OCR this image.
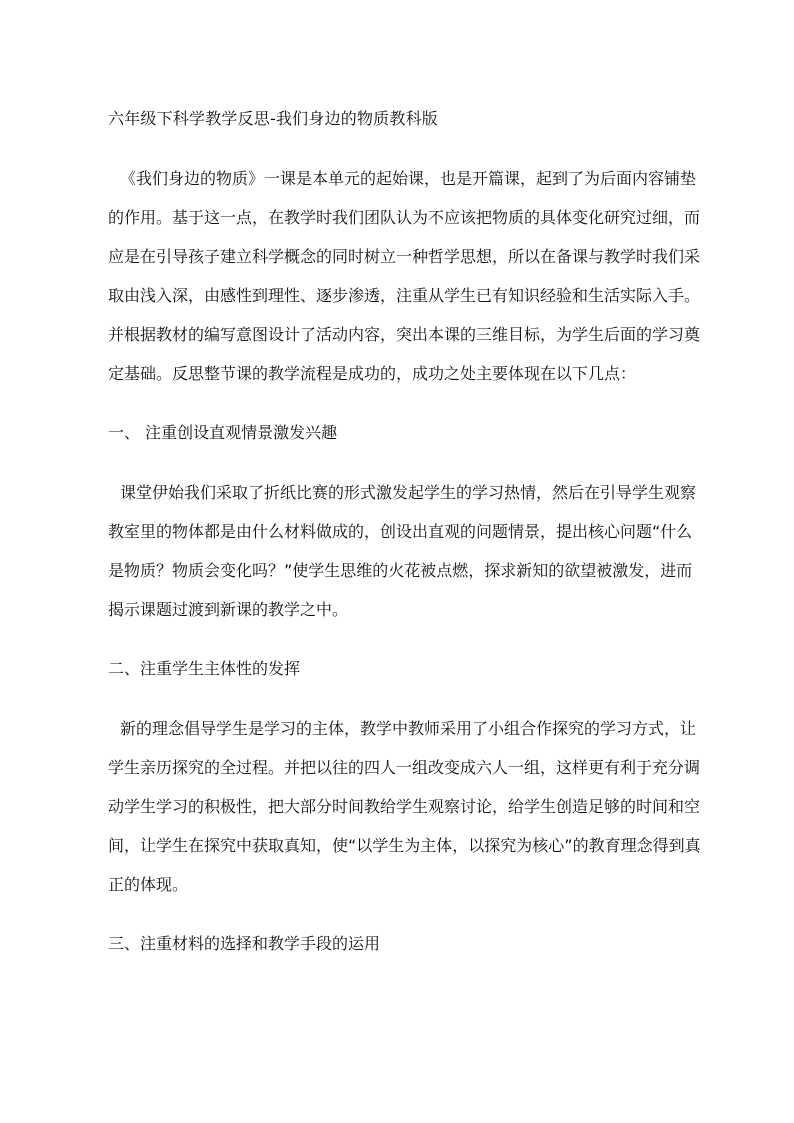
六年级下科学教学反思-我们身边的物质教科版

《我们身边的物质》一课是本单元的起始课，也是开篇课，起到了为后面内容铺垫的作用。基于这一点，在教学时我们团队认为不应该把物质的具体变化研究过细，而应是在引导孩子建立科学概念的同时树立一种哲学思想，所以在备课与教学时我们采取由浅入深，由感性到理性、逐步渗透，注重从学生已有知识经验和生活实际入手。并根据教材的编写意图设计了活动内容，突出本课的三维目标，为学生后面的学习奠定基础。反思整节课的教学流程是成功的，成功之处主要体现在以下几点：

一、 注重创设直观情景激发兴趣

课堂伊始我们采取了折纸比赛的形式激发起学生的学习热情，然后在引导学生观察教室里的物体都是由什么材料做成的，创设出直观的问题情景，提出核心问题“什么是物质？物质会变化吗？”使学生思维的火花被点燃，探求新知的欲望被激发，进而揭示课题过渡到新课的教学之中。

二、注重学生主体性的发挥

新的理念倡导学生是学习的主体，教学中教师采用了小组合作探究的学习方式，让学生亲历探究的全过程。并把以往的四人一组改变成六人一组，这样更有利于充分调动学生学习的积极性，把大部分时间教给学生观察讨论，给学生创造足够的时间和空间，让学生在探究中获取真知，使“以学生为主体，以探究为核心”的教育理念得到真正的体现。

三、注重材料的选择和教学手段的运用
